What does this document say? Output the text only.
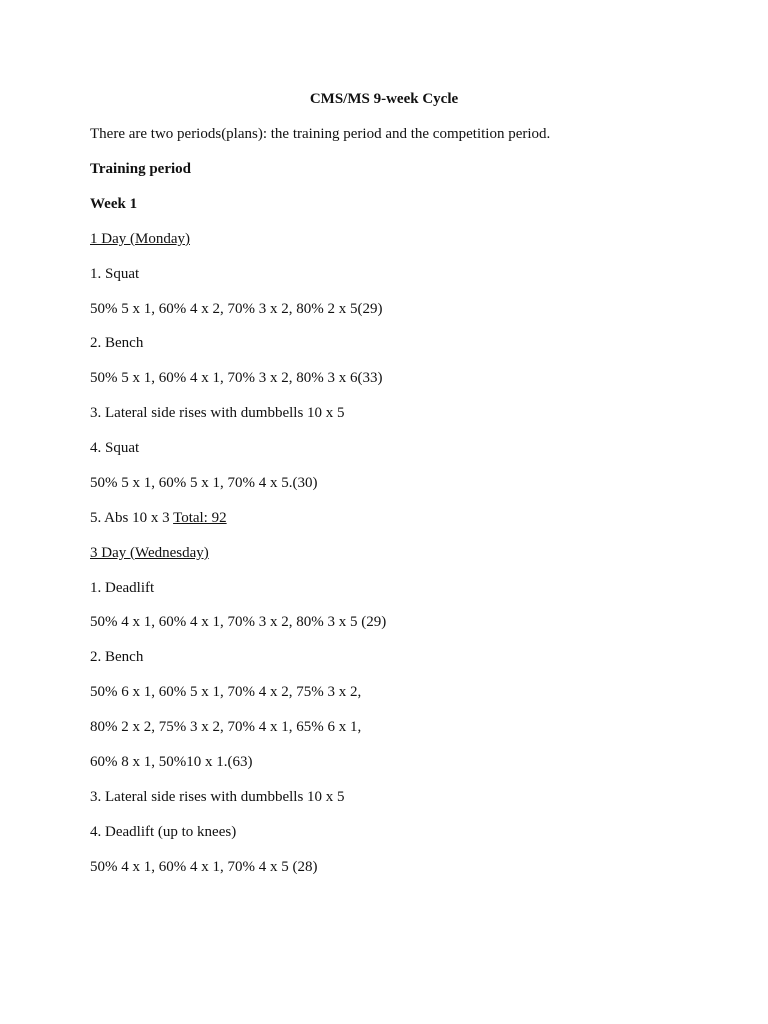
CMS/MS 9-week Cycle
There are two periods(plans): the training period and the competition period.
Training period
Week 1
1 Day (Monday)
1. Squat
50% 5 x 1, 60% 4 x 2, 70% 3 x 2, 80% 2 x 5(29)
2. Bench
50% 5 x 1, 60% 4 x 1, 70% 3 x 2, 80% 3 x 6(33)
3. Lateral side rises with dumbbells 10 x 5
4. Squat
50% 5 x 1, 60% 5 x 1, 70% 4 x 5.(30)
5. Abs 10 x 3 Total: 92
3 Day (Wednesday)
1. Deadlift
50% 4 x 1, 60% 4 x 1, 70% 3 x 2, 80% 3 x 5 (29)
2. Bench
50% 6 x 1, 60% 5 x 1, 70% 4 x 2, 75% 3 x 2,
80% 2 x 2, 75% 3 x 2, 70% 4 x 1, 65% 6 x 1,
60% 8 x 1, 50%10 x 1.(63)
3. Lateral side rises with dumbbells 10 x 5
4. Deadlift (up to knees)
50% 4 x 1, 60% 4 x 1, 70% 4 x 5 (28)
